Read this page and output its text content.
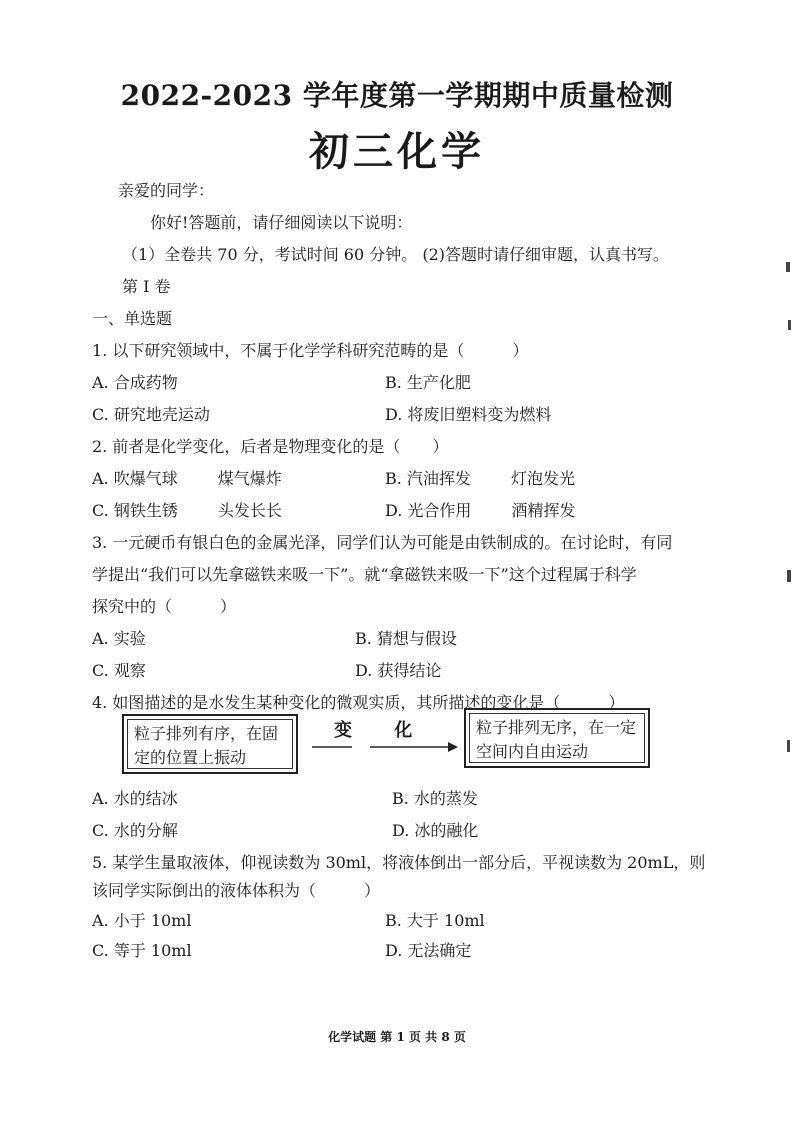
2022-2023 学年度第一学期期中质量检测
初三化学
亲爱的同学：
你好!答题前，请仔细阅读以下说明：
（1）全卷共 70 分，考试时间 60 分钟。 (2)答题时请仔细审题，认真书写。
第 I 卷
一、单选题
1. 以下研究领域中，不属于化学学科研究范畴的是（　　　）
A. 合成药物	B. 生产化肥
C. 研究地壳运动	D. 将废旧塑料变为燃料
2. 前者是化学变化，后者是物理变化的是（　　）
A. 吹爆气球	煤气爆炸	B. 汽油挥发	灯泡发光
C. 钢铁生锈	头发长长	D. 光合作用	酒精挥发
3. 一元硬币有银白色的金属光泽，同学们认为可能是由铁制成的。在讨论时，有同
学提出“我们可以先拿磁铁来吸一下”。就“拿磁铁来吸一下”这个过程属于科学
探究中的（　　　）
A. 实验	B. 猜想与假设
C. 观察	D. 获得结论
4. 如图描述的是水发生某种变化的微观实质，其所描述的变化是（　　　）
粒子排列有序，在固
定的位置上振动
变 化	粒子排列无序，在一定
空间内自由运动
A. 水的结冰	B. 水的蒸发
C. 水的分解	D. 冰的融化
5. 某学生量取液体，仰视读数为 30ml，将液体倒出一部分后，平视读数为 20mL，则
该同学实际倒出的液体体积为（　　　）
A. 小于 10ml	B. 大于 10ml
C. 等于 10ml	D. 无法确定
化学试题 第 1 页 共 8 页
